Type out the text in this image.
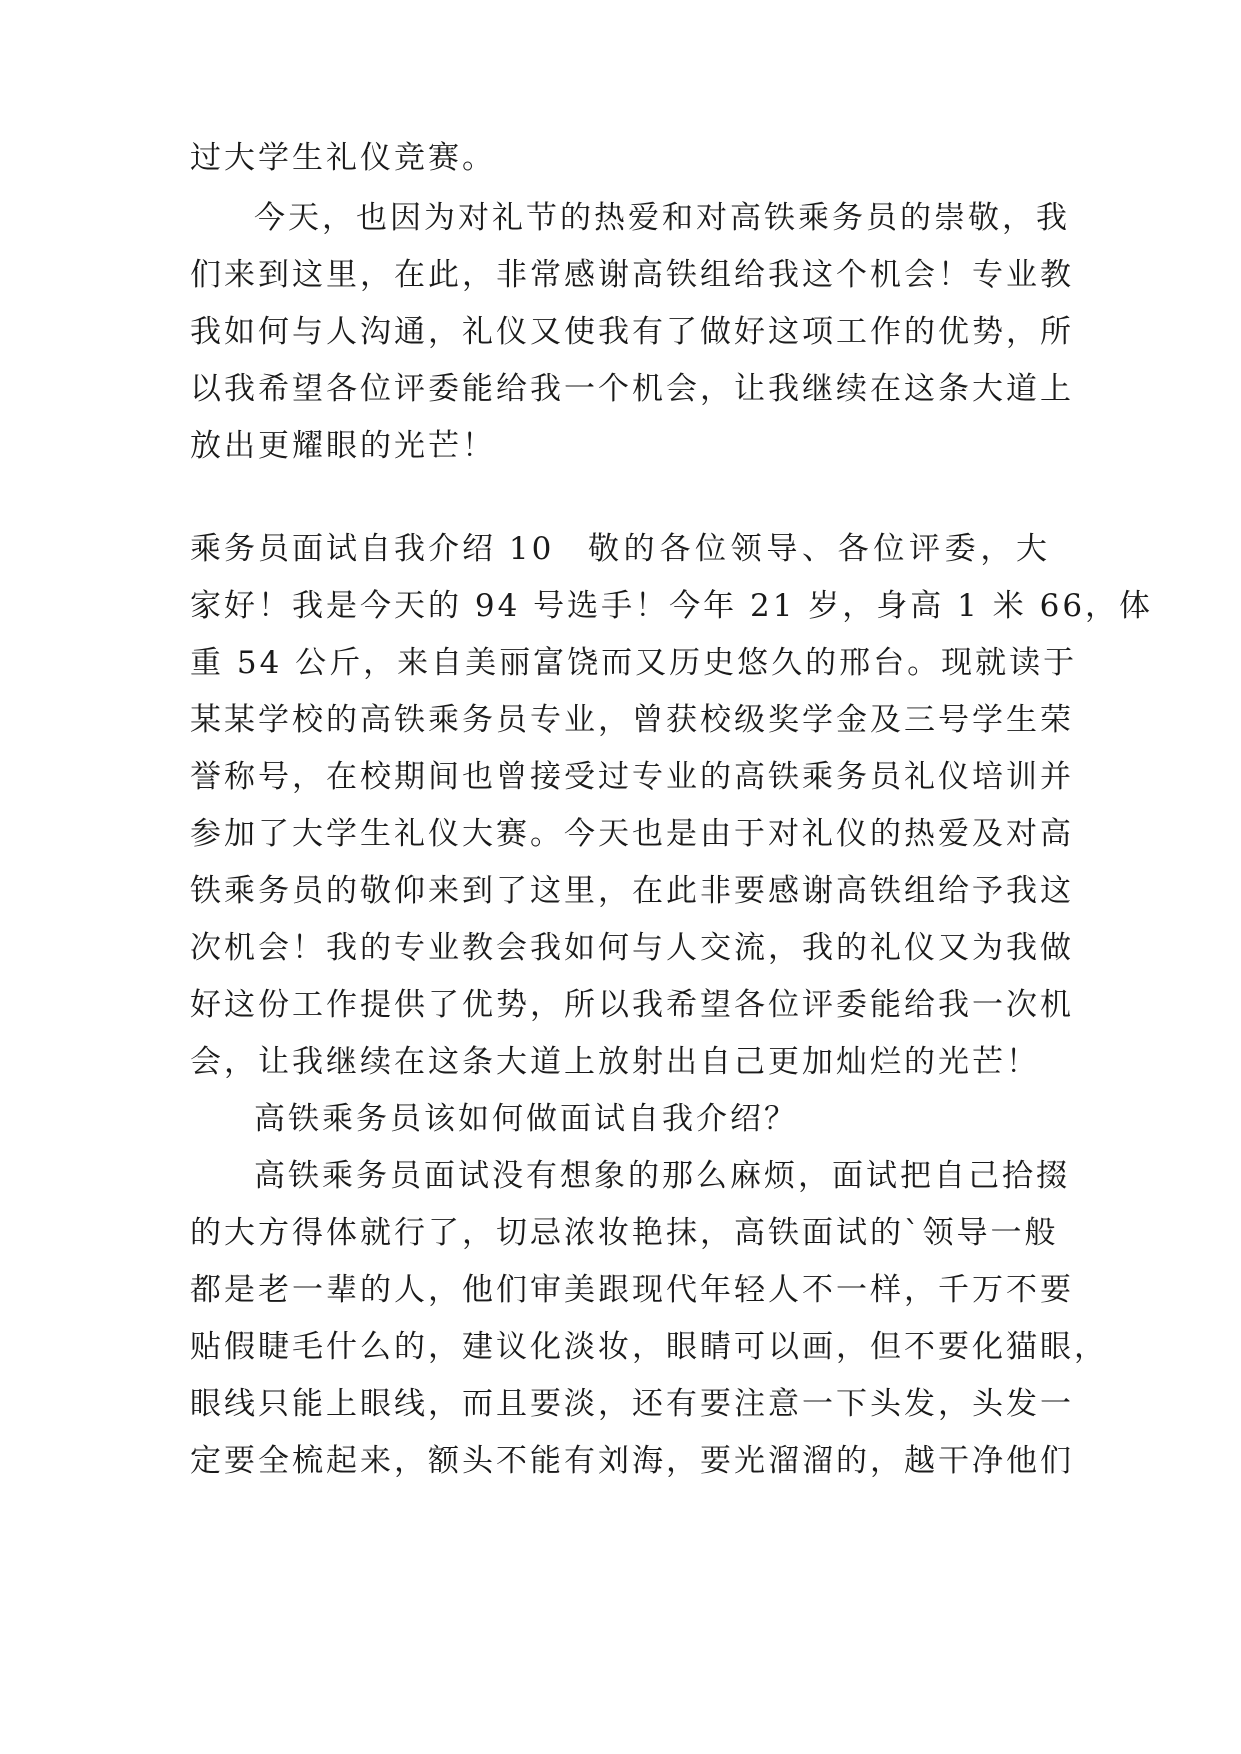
过大学生礼仪竞赛。
今天，也因为对礼节的热爱和对高铁乘务员的崇敬，我
们来到这里，在此，非常感谢高铁组给我这个机会！专业教
我如何与人沟通，礼仪又使我有了做好这项工作的优势，所
以我希望各位评委能给我一个机会，让我继续在这条大道上
放出更耀眼的光芒！
乘务员面试自我介绍 10 敬的各位领导、各位评委，大
家好！我是今天的 94 号选手！今年 21 岁，身高 1 米 66，体
重 54 公斤，来自美丽富饶而又历史悠久的邢台。现就读于
某某学校的高铁乘务员专业，曾获校级奖学金及三号学生荣
誉称号，在校期间也曾接受过专业的高铁乘务员礼仪培训并
参加了大学生礼仪大赛。今天也是由于对礼仪的热爱及对高
铁乘务员的敬仰来到了这里，在此非要感谢高铁组给予我这
次机会！我的专业教会我如何与人交流，我的礼仪又为我做
好这份工作提供了优势，所以我希望各位评委能给我一次机
会，让我继续在这条大道上放射出自己更加灿烂的光芒！
高铁乘务员该如何做面试自我介绍？
高铁乘务员面试没有想象的那么麻烦，面试把自己拾掇
的大方得体就行了，切忌浓妆艳抹，高铁面试的`领导一般
都是老一辈的人，他们审美跟现代年轻人不一样，千万不要
贴假睫毛什么的，建议化淡妆，眼睛可以画，但不要化猫眼，
眼线只能上眼线，而且要淡，还有要注意一下头发，头发一
定要全梳起来，额头不能有刘海，要光溜溜的，越干净他们
